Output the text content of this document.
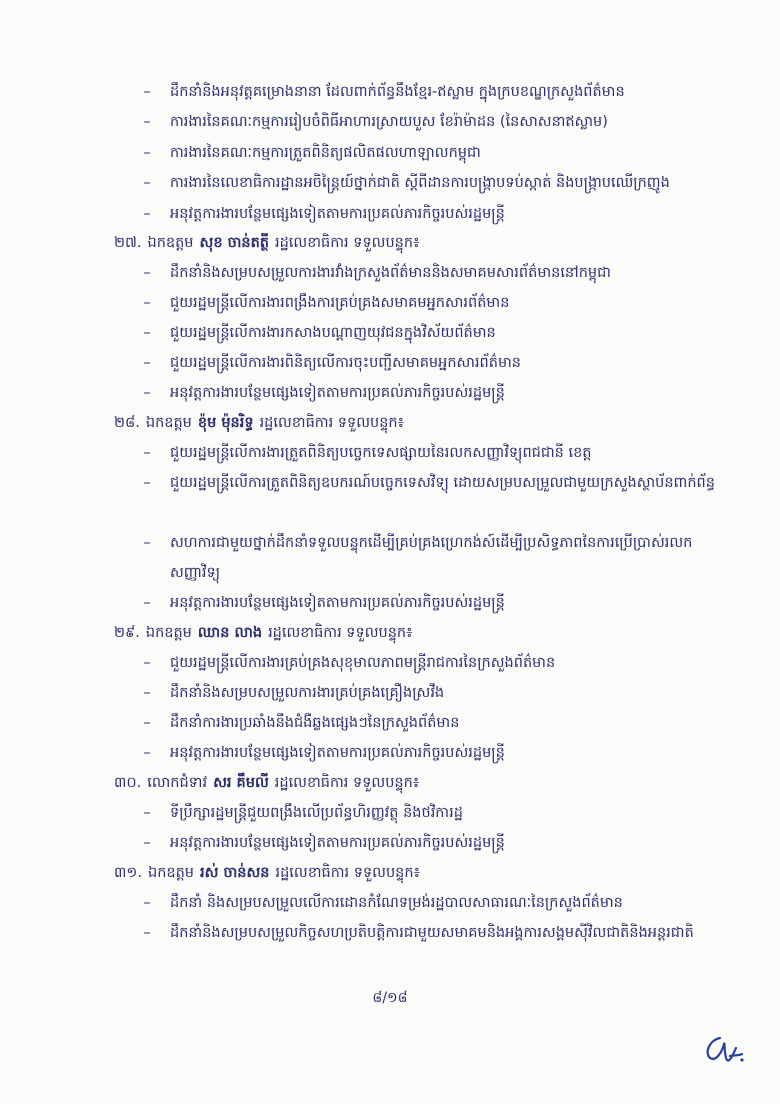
– ដឹកនាំនិងអនុវត្តគម្រោងនានា ដែលពាក់ព័ន្ធនឹងខ្មែរ-ឥស្លាម ក្នុងក្របខណ្ឌក្រសួងព័ត៌មាន
– ការងារនៃគណៈកម្មការរៀបចំពិធីអាហារស្រាយបួស ខែរ៉ាម៉ាដន (នៃសាសនាឥស្លាម)
– ការងារនៃគណៈកម្មការត្រួតពិនិត្យផលិតផលហាឡាលកម្ពុជា
– ការងារនៃលេខាធិការដ្ឋានអចិន្ត្រៃយ៍ថ្នាក់ជាតិ ស្តីពីដានការបង្ក្រាបទប់ស្កាត់ និងបង្ក្រាបឈើក្រញូង
– អនុវត្តការងារបន្ថែមផ្សេងទៀតតាមការប្រគល់ភារកិច្ចរបស់រដ្ឋមន្ត្រី
២៧. ឯកឧត្តម សុខ ចាន់តត្ថី រដ្ឋលេខាធិការ ទទួលបន្ទុក៖
– ដឹកនាំនិងសម្របសម្រួលការងារវាំងក្រសួងព័ត៌មាននិងសមាគមសារព័ត៌មាននៅកម្ពុជា
– ជួយរដ្ឋមន្ត្រីលើការងារពង្រឹងការគ្រប់គ្រងសមាគមអ្នកសារព័ត៌មាន
– ជួយរដ្ឋមន្ត្រីលើការងារកសាងបណ្តាញយុវជនក្នុងវិស័យព័ត៌មាន
– ជួយរដ្ឋមន្ត្រីលើការងារពិនិត្យលើការចុះបញ្ជីសមាគមអ្នកសារព័ត៌មាន
– អនុវត្តការងារបន្ថែមផ្សេងទៀតតាមការប្រគល់ភារកិច្ចរបស់រដ្ឋមន្ត្រី
២៨. ឯកឧត្តម ខ៉ុម ម៉ុនរិទ្ធ រដ្ឋលេខាធិការ ទទួលបន្ទុក៖
– ជួយរដ្ឋមន្ត្រីលើការងារត្រួតពិនិត្យបច្ចេកទេសផ្សាយនៃរលកសញ្ញាវិទ្យុពជជានី ខេត្ត
– ជួយរដ្ឋមន្ត្រីលើការត្រួតពិនិត្យឧបករណ៍បច្ចេកទេសវិទ្យុ ដោយសម្របសម្រួលជាមួយក្រសួងស្ថាប័នពាក់ព័ន្ធ
– សហការជាមួយថ្នាក់ដឹកនាំទទួលបន្ទុកដើម្បីគ្រប់គ្រងហ្រេកង់ស៍ដើម្បីប្រសិទ្ធភាពនៃការប្រើប្រាស់រលកសញ្ញាវិទ្យុ
– អនុវត្តការងារបន្ថែមផ្សេងទៀតតាមការប្រគល់ភារកិច្ចរបស់រដ្ឋមន្ត្រី
២៩. ឯកឧត្តម ឈាន លាង រដ្ឋលេខាធិការ ទទួលបន្ទុក៖
– ជួយរដ្ឋមន្ត្រីលើការងារគ្រប់គ្រងសុខុមាលភាពមន្ត្រីរាជការនៃក្រសួងព័ត៌មាន
– ដឹកនាំនិងសម្របសម្រួលការងារគ្រប់គ្រងគ្រឿងស្រវឹង
– ដឹកនាំការងារប្រឆាំងនឹងជំងឺឆ្លងផ្សេងៗនៃក្រសួងព័ត៌មាន
– អនុវត្តការងារបន្ថែមផ្សេងទៀតតាមការប្រគល់ភារកិច្ចរបស់រដ្ឋមន្ត្រី
៣០. លោកជំទាវ សរ គឹមលី រដ្ឋលេខាធិការ ទទួលបន្ទុក៖
– ទីប្រឹក្សារដ្ឋមន្ត្រីជួយពង្រឹងលើប្រព័ន្ធហិរញ្ញវត្ថុ និងថវិការដ្ឋ
– អនុវត្តការងារបន្ថែមផ្សេងទៀតតាមការប្រគល់ភារកិច្ចរបស់រដ្ឋមន្ត្រី
៣១. ឯកឧត្តម រស់ ចាន់សន រដ្ឋលេខាធិការ ទទួលបន្ទុក៖
– ដឹកនាំ និងសម្របសម្រួលលើការដោនកំណែទម្រង់រដ្ឋបាលសាធារណៈនៃក្រសួងព័ត៌មាន
– ដឹកនាំនិងសម្របសម្រួលកិច្ចសហប្រតិបត្តិការជាមួយសមាគមនិងអង្គការសង្គមស៊ីវិលជាតិនិងអន្តរជាតិ
៨/១៨
